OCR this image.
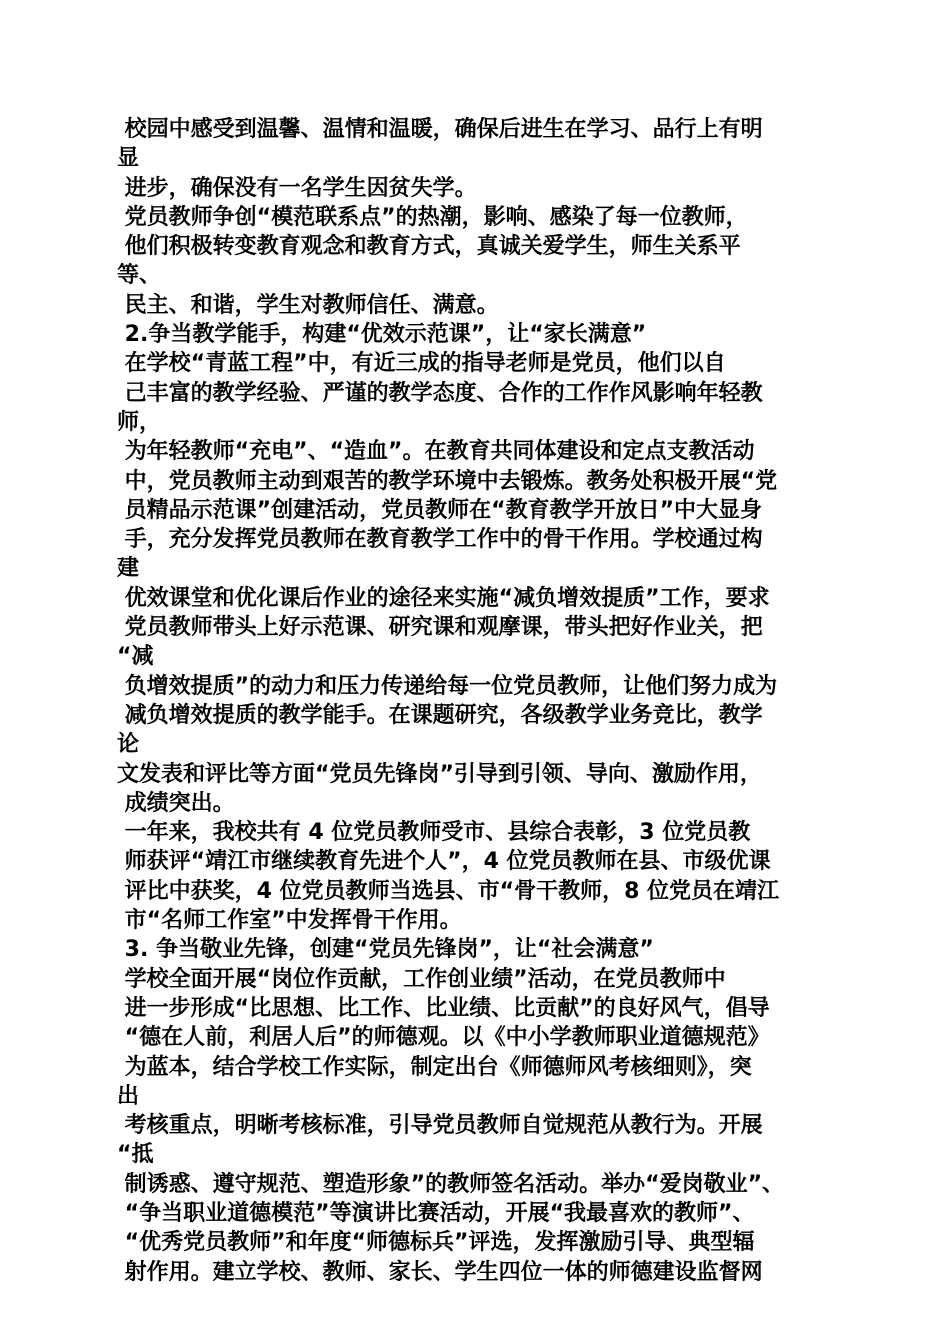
校园中感受到温馨、温情和温暖，确保后进生在学习、品行上有明
显
进步，确保没有一名学生因贫失学。
党员教师争创“模范联系点”的热潮，影响、感染了每一位教师，
他们积极转变教育观念和教育方式，真诚关爱学生，师生关系平
等、
民主、和谐，学生对教师信任、满意。
2.争当教学能手，构建“优效示范课”，让“家长满意”
在学校“青蓝工程”中，有近三成的指导老师是党员，他们以自
己丰富的教学经验、严谨的教学态度、合作的工作作风影响年轻教
师，
为年轻教师“充电”、“造血”。在教育共同体建设和定点支教活动
中，党员教师主动到艰苦的教学环境中去锻炼。教务处积极开展“党
员精品示范课”创建活动，党员教师在“教育教学开放日”中大显身
手，充分发挥党员教师在教育教学工作中的骨干作用。学校通过构
建
优效课堂和优化课后作业的途径来实施“减负增效提质”工作，要求
党员教师带头上好示范课、研究课和观摩课，带头把好作业关，把
“减
负增效提质”的动力和压力传递给每一位党员教师，让他们努力成为
减负增效提质的教学能手。在课题研究，各级教学业务竞比，教学
论
文发表和评比等方面“党员先锋岗”引导到引领、导向、激励作用，
成绩突出。
一年来，我校共有 4 位党员教师受市、县综合表彰，3 位党员教
师获评“靖江市继续教育先进个人”，4 位党员教师在县、市级优课
评比中获奖，4 位党员教师当选县、市“骨干教师，8 位党员在靖江
市“名师工作室”中发挥骨干作用。
3. 争当敬业先锋，创建“党员先锋岗”，让“社会满意”
学校全面开展“岗位作贡献，工作创业绩”活动，在党员教师中
进一步形成“比思想、比工作、比业绩、比贡献”的良好风气，倡导
“德在人前，利居人后”的师德观。以《中小学教师职业道德规范》
为蓝本，结合学校工作实际，制定出台《师德师风考核细则》，突
出
考核重点，明晰考核标准，引导党员教师自觉规范从教行为。开展
“抵
制诱惑、遵守规范、塑造形象”的教师签名活动。举办“爱岗敬业”、
“争当职业道德模范”等演讲比赛活动，开展“我最喜欢的教师”、
“优秀党员教师”和年度“师德标兵”评选，发挥激励引导、典型辐
射作用。建立学校、教师、家长、学生四位一体的师德建设监督网
